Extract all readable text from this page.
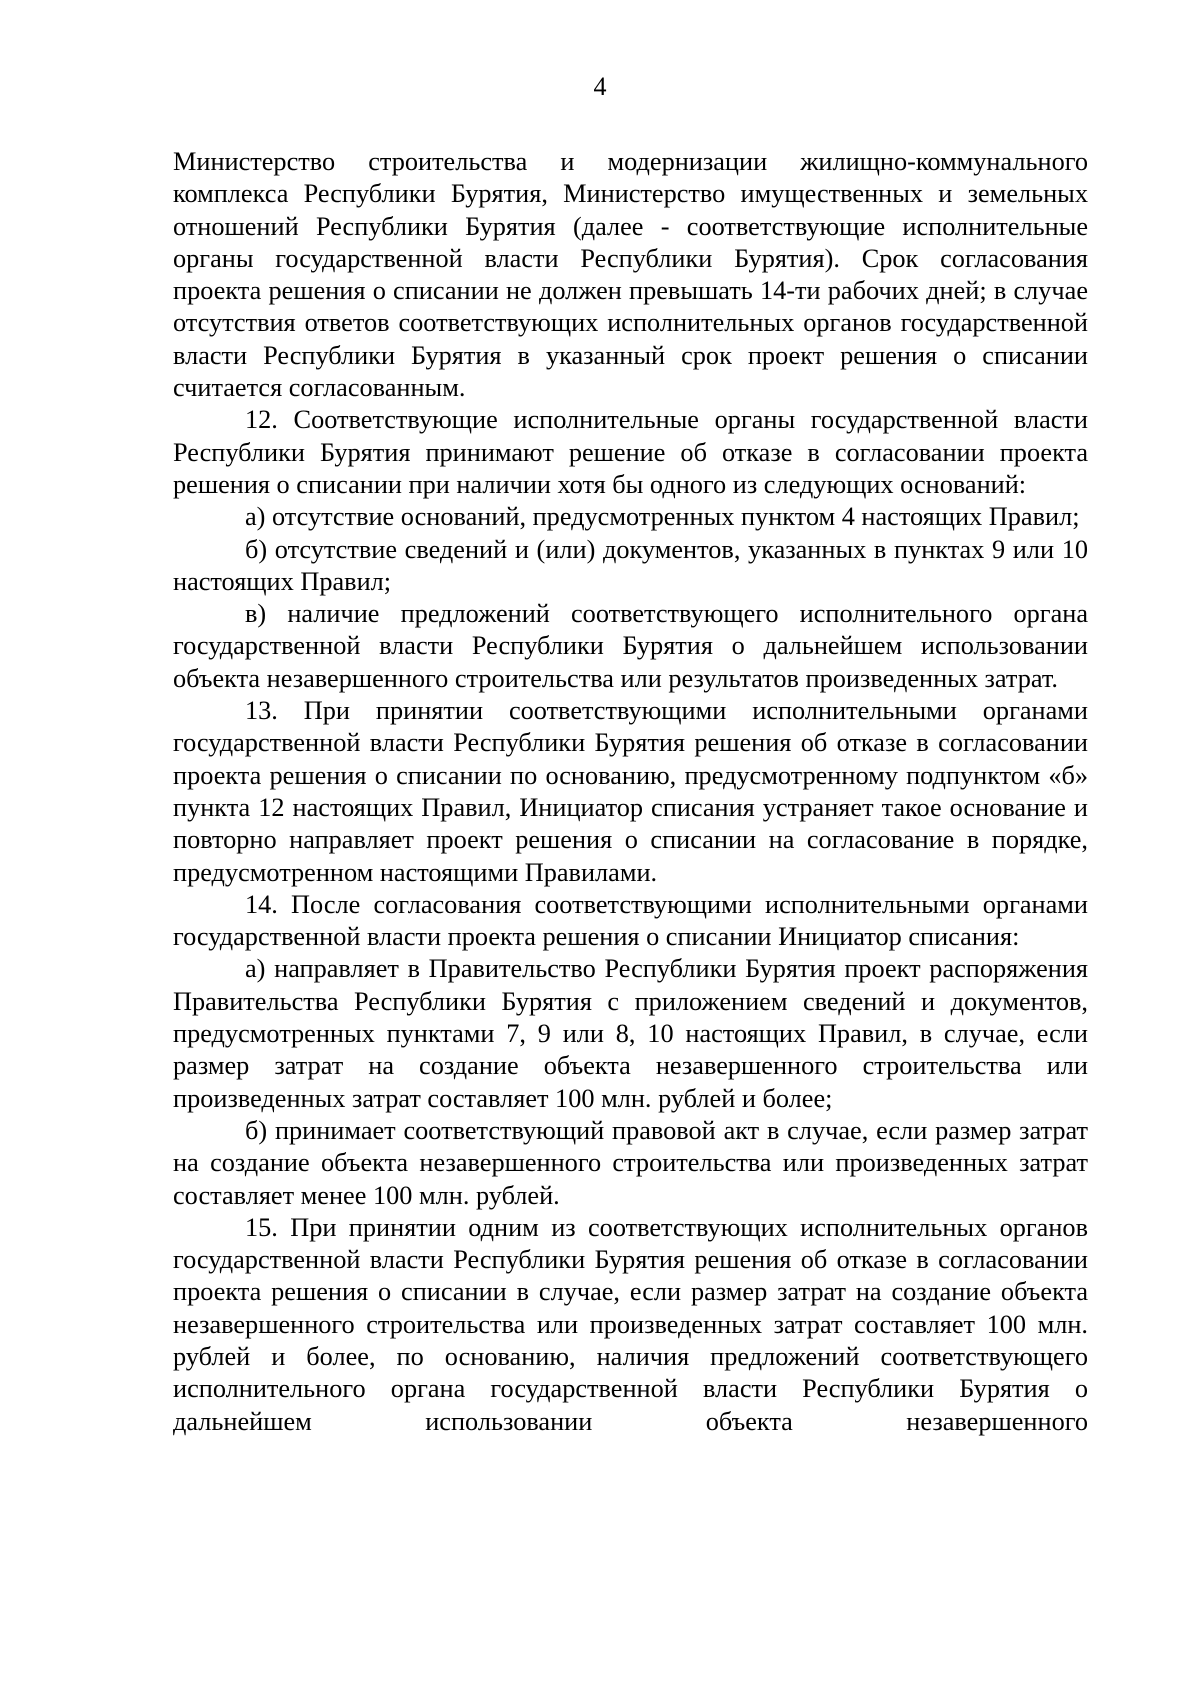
4

Министерство строительства и модернизации жилищно-коммунального комплекса Республики Бурятия, Министерство имущественных и земельных отношений Республики Бурятия (далее - соответствующие исполнительные органы государственной власти Республики Бурятия). Срок согласования проекта решения о списании не должен превышать 14-ти рабочих дней; в случае отсутствия ответов соответствующих исполнительных органов государственной власти Республики Бурятия в указанный срок проект решения о списании считается согласованным.

12. Соответствующие исполнительные органы государственной власти Республики Бурятия принимают решение об отказе в согласовании проекта решения о списании при наличии хотя бы одного из следующих оснований:

а) отсутствие оснований, предусмотренных пунктом 4 настоящих Правил;

б) отсутствие сведений и (или) документов, указанных в пунктах 9 или 10 настоящих Правил;

в) наличие предложений соответствующего исполнительного органа государственной власти Республики Бурятия о дальнейшем использовании объекта незавершенного строительства или результатов произведенных затрат.

13. При принятии соответствующими исполнительными органами государственной власти Республики Бурятия решения об отказе в согласовании проекта решения о списании по основанию, предусмотренному подпунктом «б» пункта 12 настоящих Правил, Инициатор списания устраняет такое основание и повторно направляет проект решения о списании на согласование в порядке, предусмотренном настоящими Правилами.

14. После согласования соответствующими исполнительными органами государственной власти проекта решения о списании Инициатор списания:

а) направляет в Правительство Республики Бурятия проект распоряжения Правительства Республики Бурятия с приложением сведений и документов, предусмотренных пунктами 7, 9 или 8, 10 настоящих Правил, в случае, если размер затрат на создание объекта незавершенного строительства или произведенных затрат составляет 100 млн. рублей и более;

б) принимает соответствующий правовой акт в случае, если размер затрат на создание объекта незавершенного строительства или произведенных затрат составляет менее 100 млн. рублей.

15. При принятии одним из соответствующих исполнительных органов государственной власти Республики Бурятия решения об отказе в согласовании проекта решения о списании в случае, если размер затрат на создание объекта незавершенного строительства или произведенных затрат составляет 100 млн. рублей и более, по основанию, наличия предложений соответствующего исполнительного органа государственной власти Республики Бурятия о дальнейшем использовании объекта незавершенного
